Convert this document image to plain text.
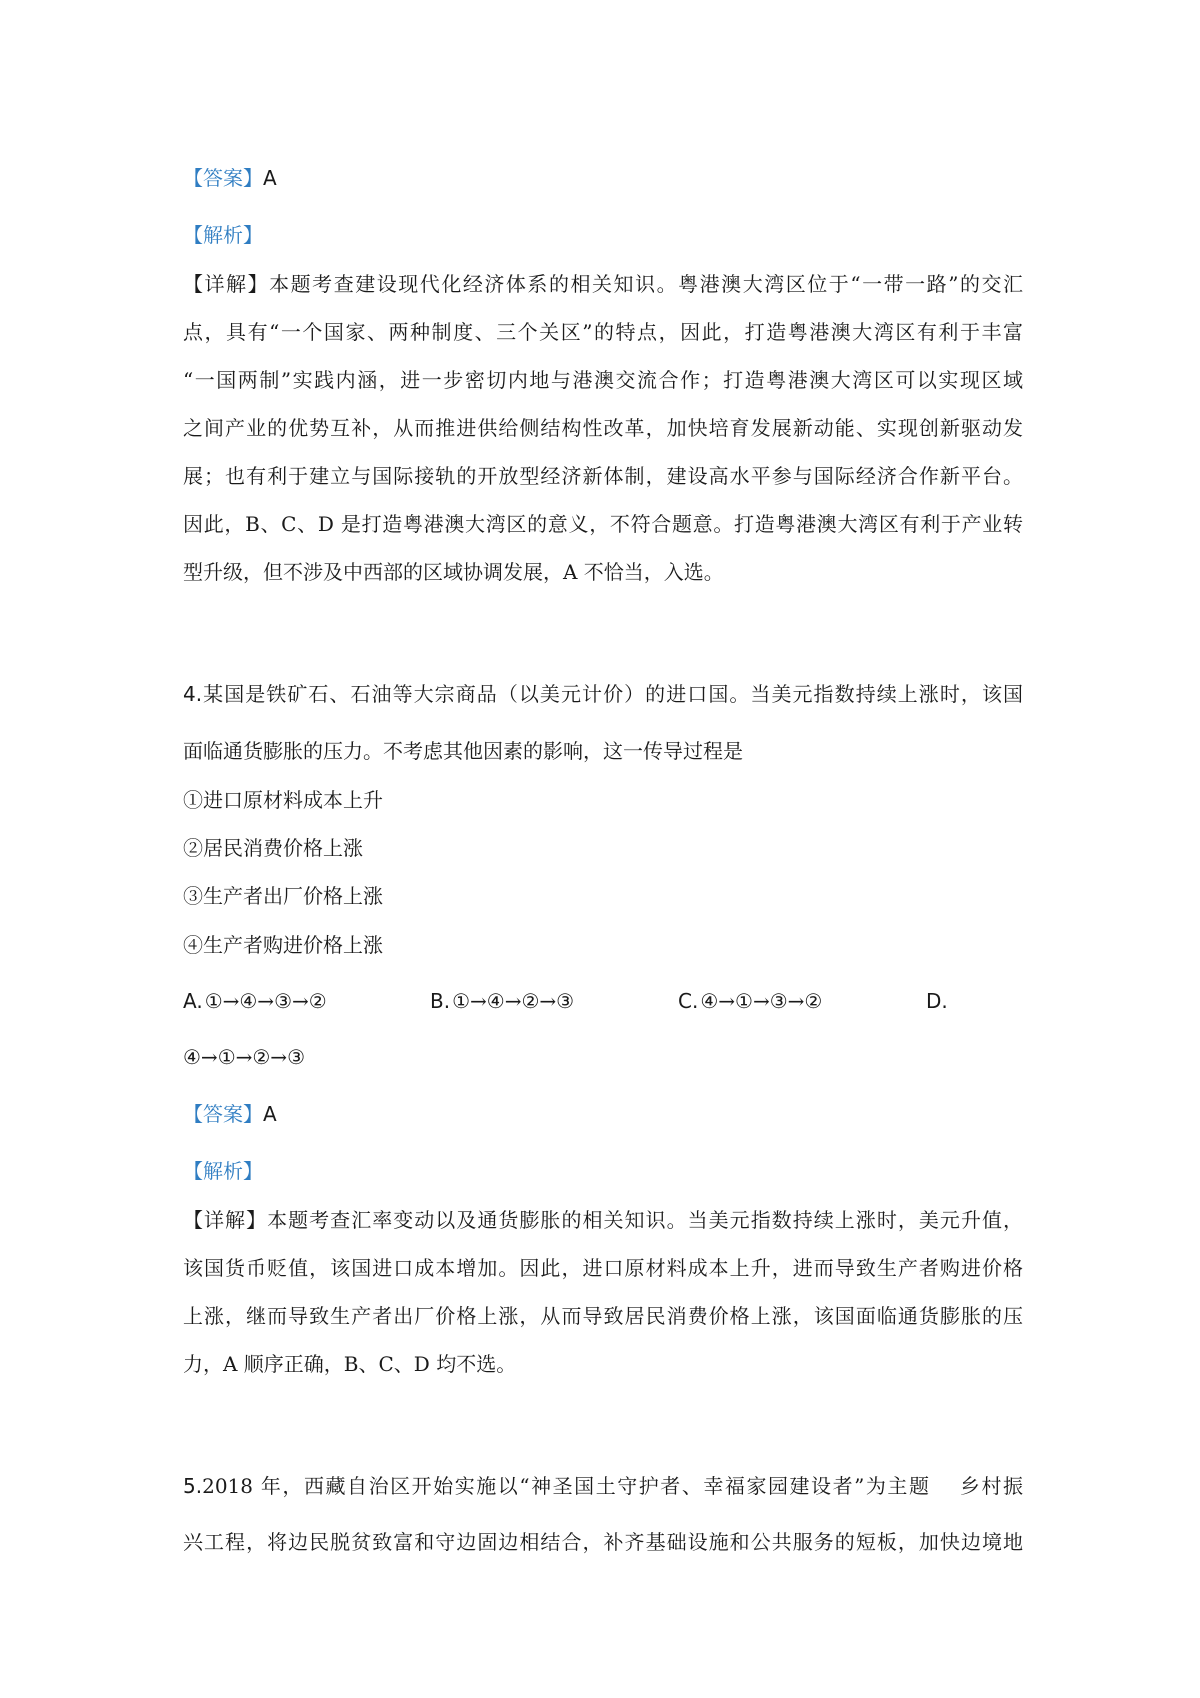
【答案】A
【解析】
【详解】本题考查建设现代化经济体系的相关知识。粤港澳大湾区位于“一带一路”的交汇
点，具有“一个国家、两种制度、三个关区”的特点，因此，打造粤港澳大湾区有利于丰富
“一国两制”实践内涵，进一步密切内地与港澳交流合作；打造粤港澳大湾区可以实现区域
之间产业的优势互补，从而推进供给侧结构性改革，加快培育发展新动能、实现创新驱动发
展；也有利于建立与国际接轨的开放型经济新体制，建设高水平参与国际经济合作新平台。
因此，B、C、D 是打造粤港澳大湾区的意义，不符合题意。打造粤港澳大湾区有利于产业转
型升级，但不涉及中西部的区域协调发展，A 不恰当，入选。
4.某国是铁矿石、石油等大宗商品（以美元计价）的进口国。当美元指数持续上涨时，该国
面临通货膨胀的压力。不考虑其他因素的影响，这一传导过程是
①进口原材料成本上升
②居民消费价格上涨
③生产者出厂价格上涨
④生产者购进价格上涨
A. ①→④→③→②	B. ①→④→②→③	C. ④→①→③→②	D.
④→①→②→③
【答案】A
【解析】
【详解】本题考查汇率变动以及通货膨胀的相关知识。当美元指数持续上涨时，美元升值，
该国货币贬值，该国进口成本增加。因此，进口原材料成本上升，进而导致生产者购进价格
上涨，继而导致生产者出厂价格上涨，从而导致居民消费价格上涨，该国面临通货膨胀的压
力，A 顺序正确，B、C、D 均不选。
5.2018 年，西藏自治区开始实施以“神圣国土守护者、幸福家园建设者”为主题　 乡村振
兴工程，将边民脱贫致富和守边固边相结合，补齐基础设施和公共服务的短板，加快边境地
